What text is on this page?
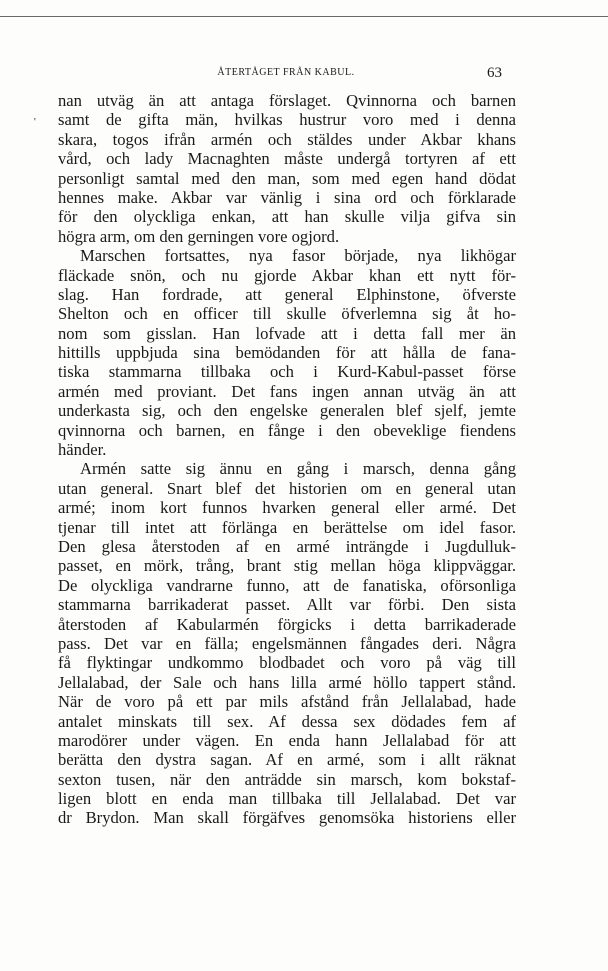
ÅTERTÅGET FRÅN KABUL.	63
'
nan utväg än att antaga förslaget. Qvinnorna och barnen
samt de gifta män, hvilkas hustrur voro med i denna
skara, togos ifrån armén och stäldes under Akbar khans
vård, och lady Macnaghten måste undergå tortyren af ett
personligt samtal med den man, som med egen hand dödat
hennes make. Akbar var vänlig i sina ord och förklarade
för den olyckliga enkan, att han skulle vilja gifva sin
högra arm, om den gerningen vore ogjord.
Marschen fortsattes, nya fasor började, nya likhögar
fläckade snön, och nu gjorde Akbar khan ett nytt för-
slag. Han fordrade, att general Elphinstone, öfverste
Shelton och en officer till skulle öfverlemna sig åt ho-
nom som gisslan. Han lofvade att i detta fall mer än
hittills uppbjuda sina bemödanden för att hålla de fana-
tiska stammarna tillbaka och i Kurd-Kabul-passet förse
armén med proviant. Det fans ingen annan utväg än att
underkasta sig, och den engelske generalen blef sjelf, jemte
qvinnorna och barnen, en fånge i den obeveklige fiendens
händer.
Armén satte sig ännu en gång i marsch, denna gång
utan general. Snart blef det historien om en general utan
armé; inom kort funnos hvarken general eller armé. Det
tjenar till intet att förlänga en berättelse om idel fasor.
Den glesa återstoden af en armé inträngde i Jugdulluk-
passet, en mörk, trång, brant stig mellan höga klippväggar.
De olyckliga vandrarne funno, att de fanatiska, oförsonliga
stammarna barrikaderat passet. Allt var förbi. Den sista
återstoden af Kabularmén förgicks i detta barrikaderade
pass. Det var en fälla; engelsmännen fångades deri. Några
få flyktingar undkommo blodbadet och voro på väg till
Jellalabad, der Sale och hans lilla armé höllo tappert stånd.
När de voro på ett par mils afstånd från Jellalabad, hade
antalet minskats till sex. Af dessa sex dödades fem af
marodörer under vägen. En enda hann Jellalabad för att
berätta den dystra sagan. Af en armé, som i allt räknat
sexton tusen, när den anträdde sin marsch, kom bokstaf-
ligen blott en enda man tillbaka till Jellalabad. Det var
dr Brydon. Man skall förgäfves genomsöka historiens eller
